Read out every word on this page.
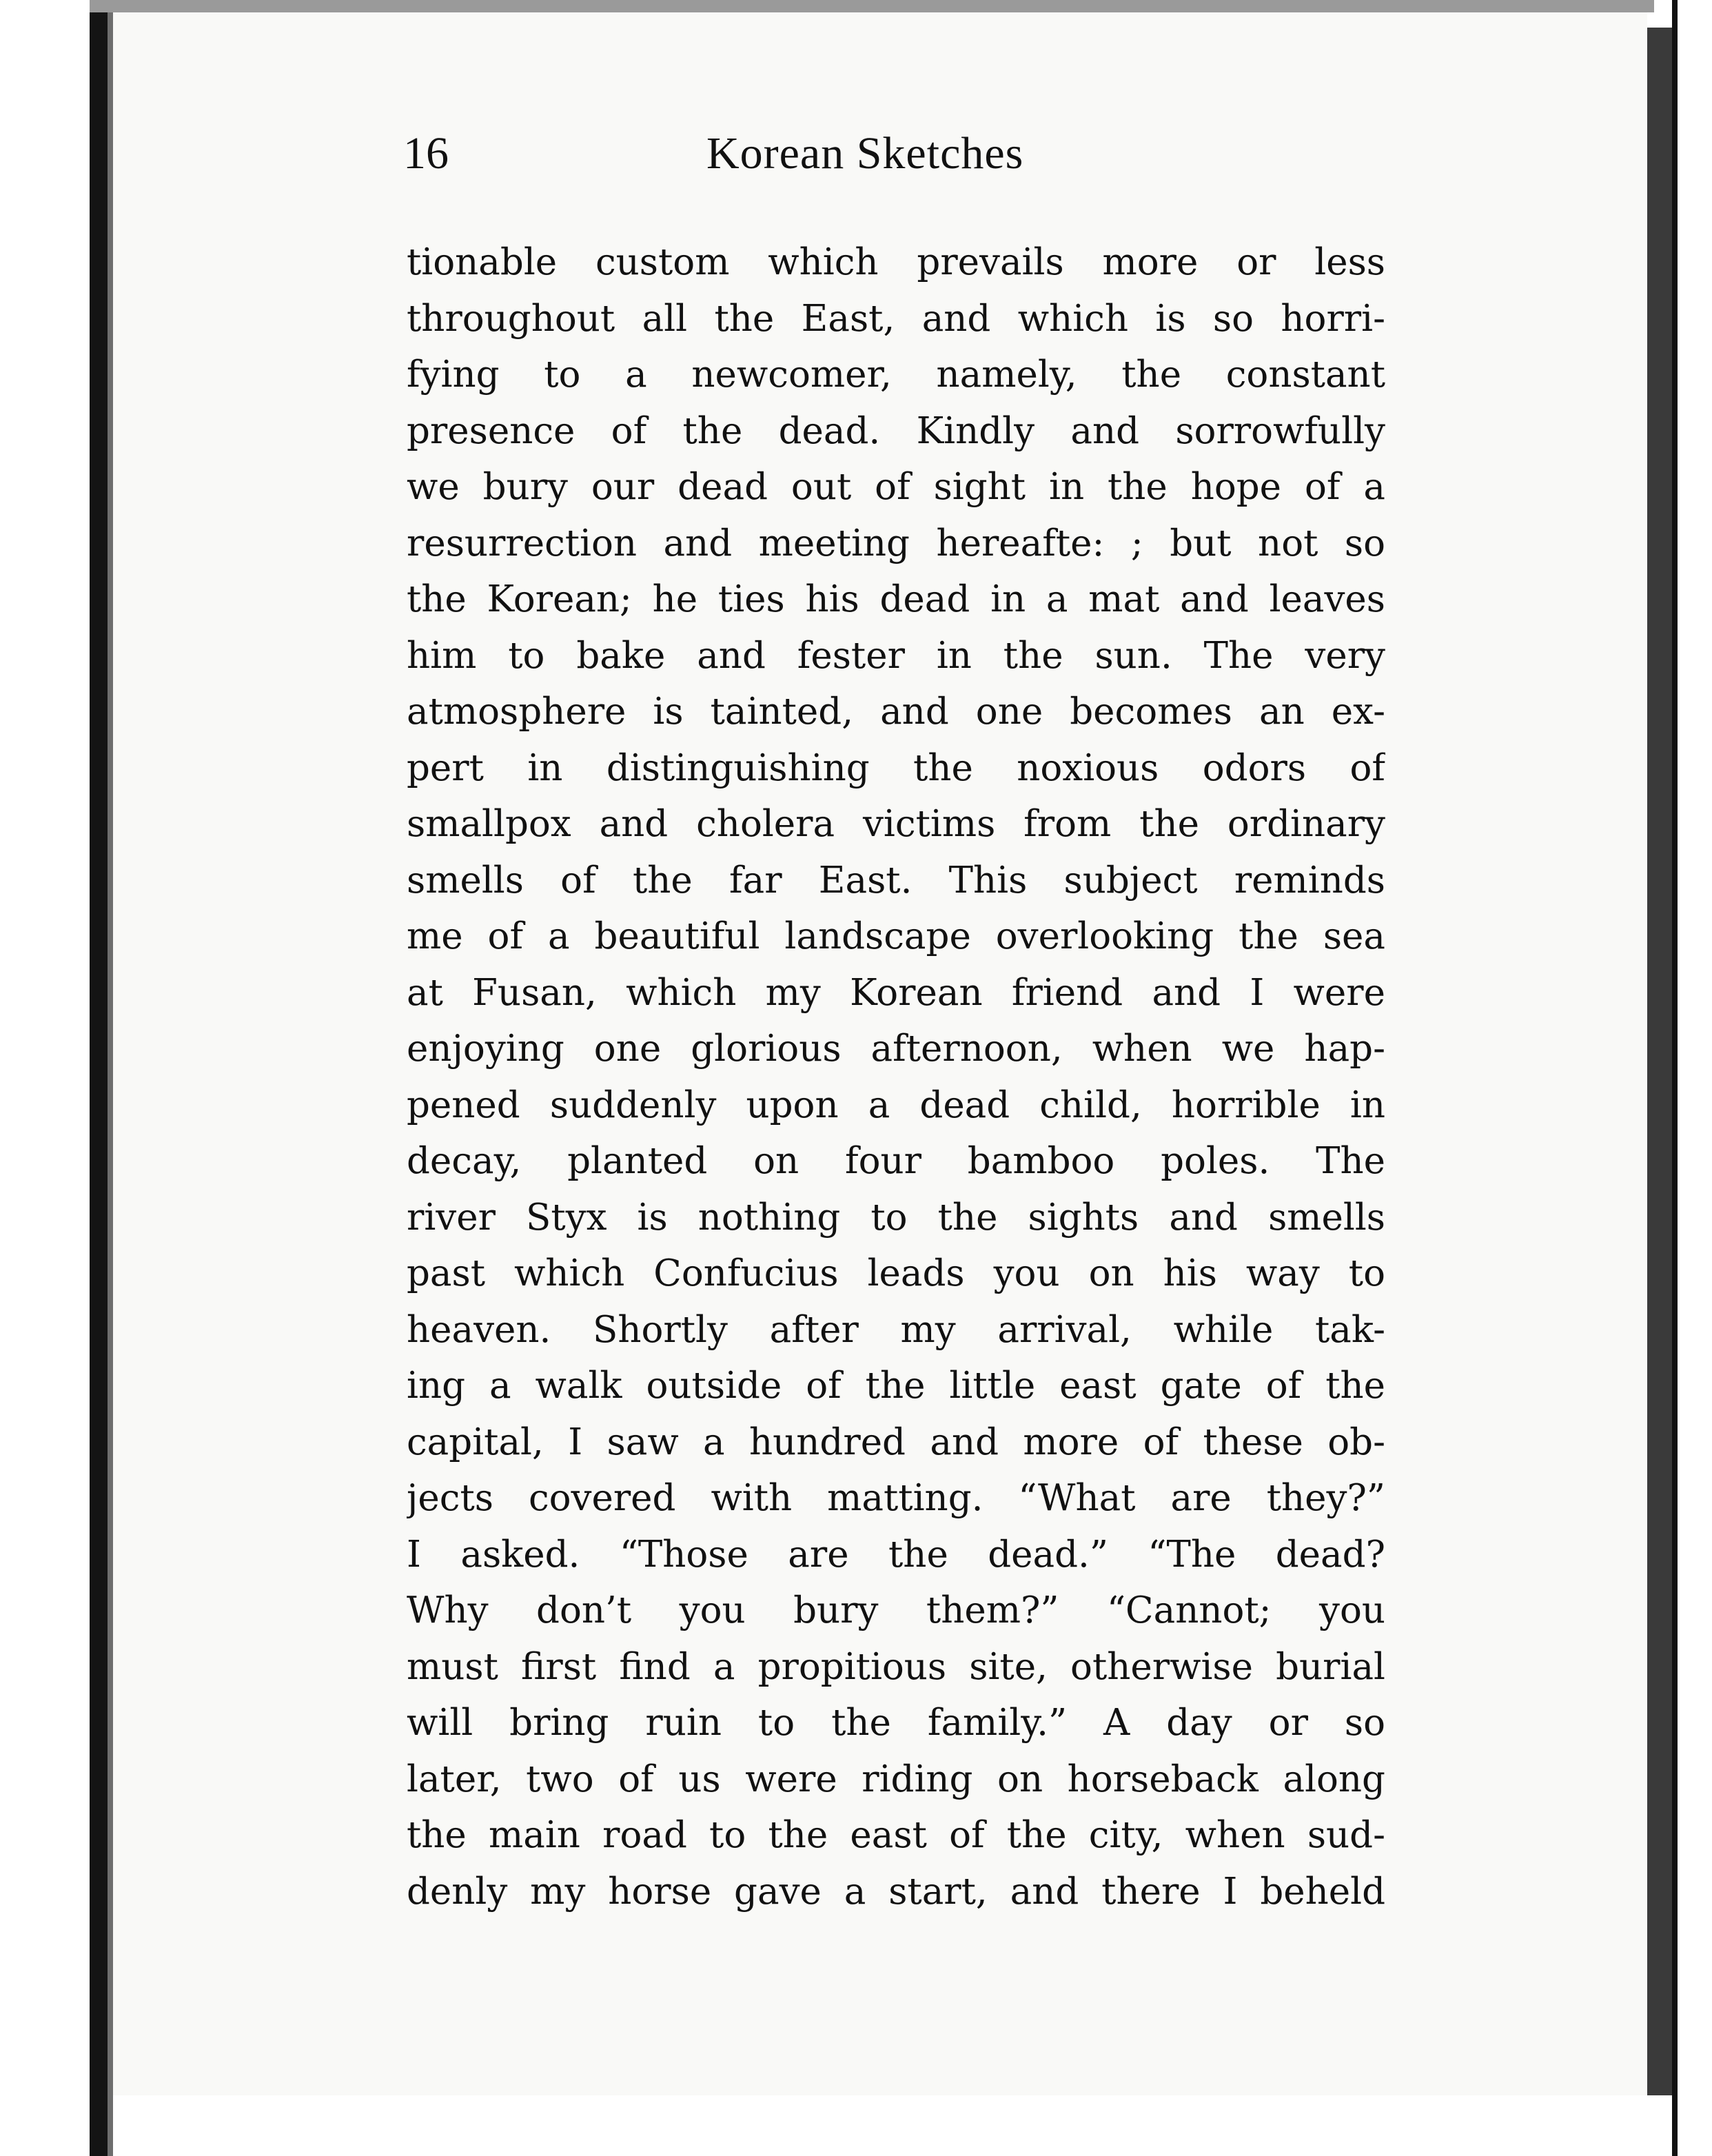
16	Korean Sketches
tionable custom which prevails more or less
throughout all the East, and which is so horri-
fying to a newcomer, namely, the constant
presence of the dead. Kindly and sorrowfully
we bury our dead out of sight in the hope of a
resurrection and meeting hereafte: ; but not so
the Korean; he ties his dead in a mat and leaves
him to bake and fester in the sun. The very
atmosphere is tainted, and one becomes an ex-
pert in distinguishing the noxious odors of
smallpox and cholera victims from the ordinary
smells of the far East. This subject reminds
me of a beautiful landscape overlooking the sea
at Fusan, which my Korean friend and I were
enjoying one glorious afternoon, when we hap-
pened suddenly upon a dead child, horrible in
decay, planted on four bamboo poles. The
river Styx is nothing to the sights and smells
past which Confucius leads you on his way to
heaven. Shortly after my arrival, while tak-
ing a walk outside of the little east gate of the
capital, I saw a hundred and more of these ob-
jects covered with matting. “What are they?”
I asked. “Those are the dead.” “The dead?
Why don’t you bury them?” “Cannot; you
must first find a propitious site, otherwise burial
will bring ruin to the family.” A day or so
later, two of us were riding on horseback along
the main road to the east of the city, when sud-
denly my horse gave a start, and there I beheld
